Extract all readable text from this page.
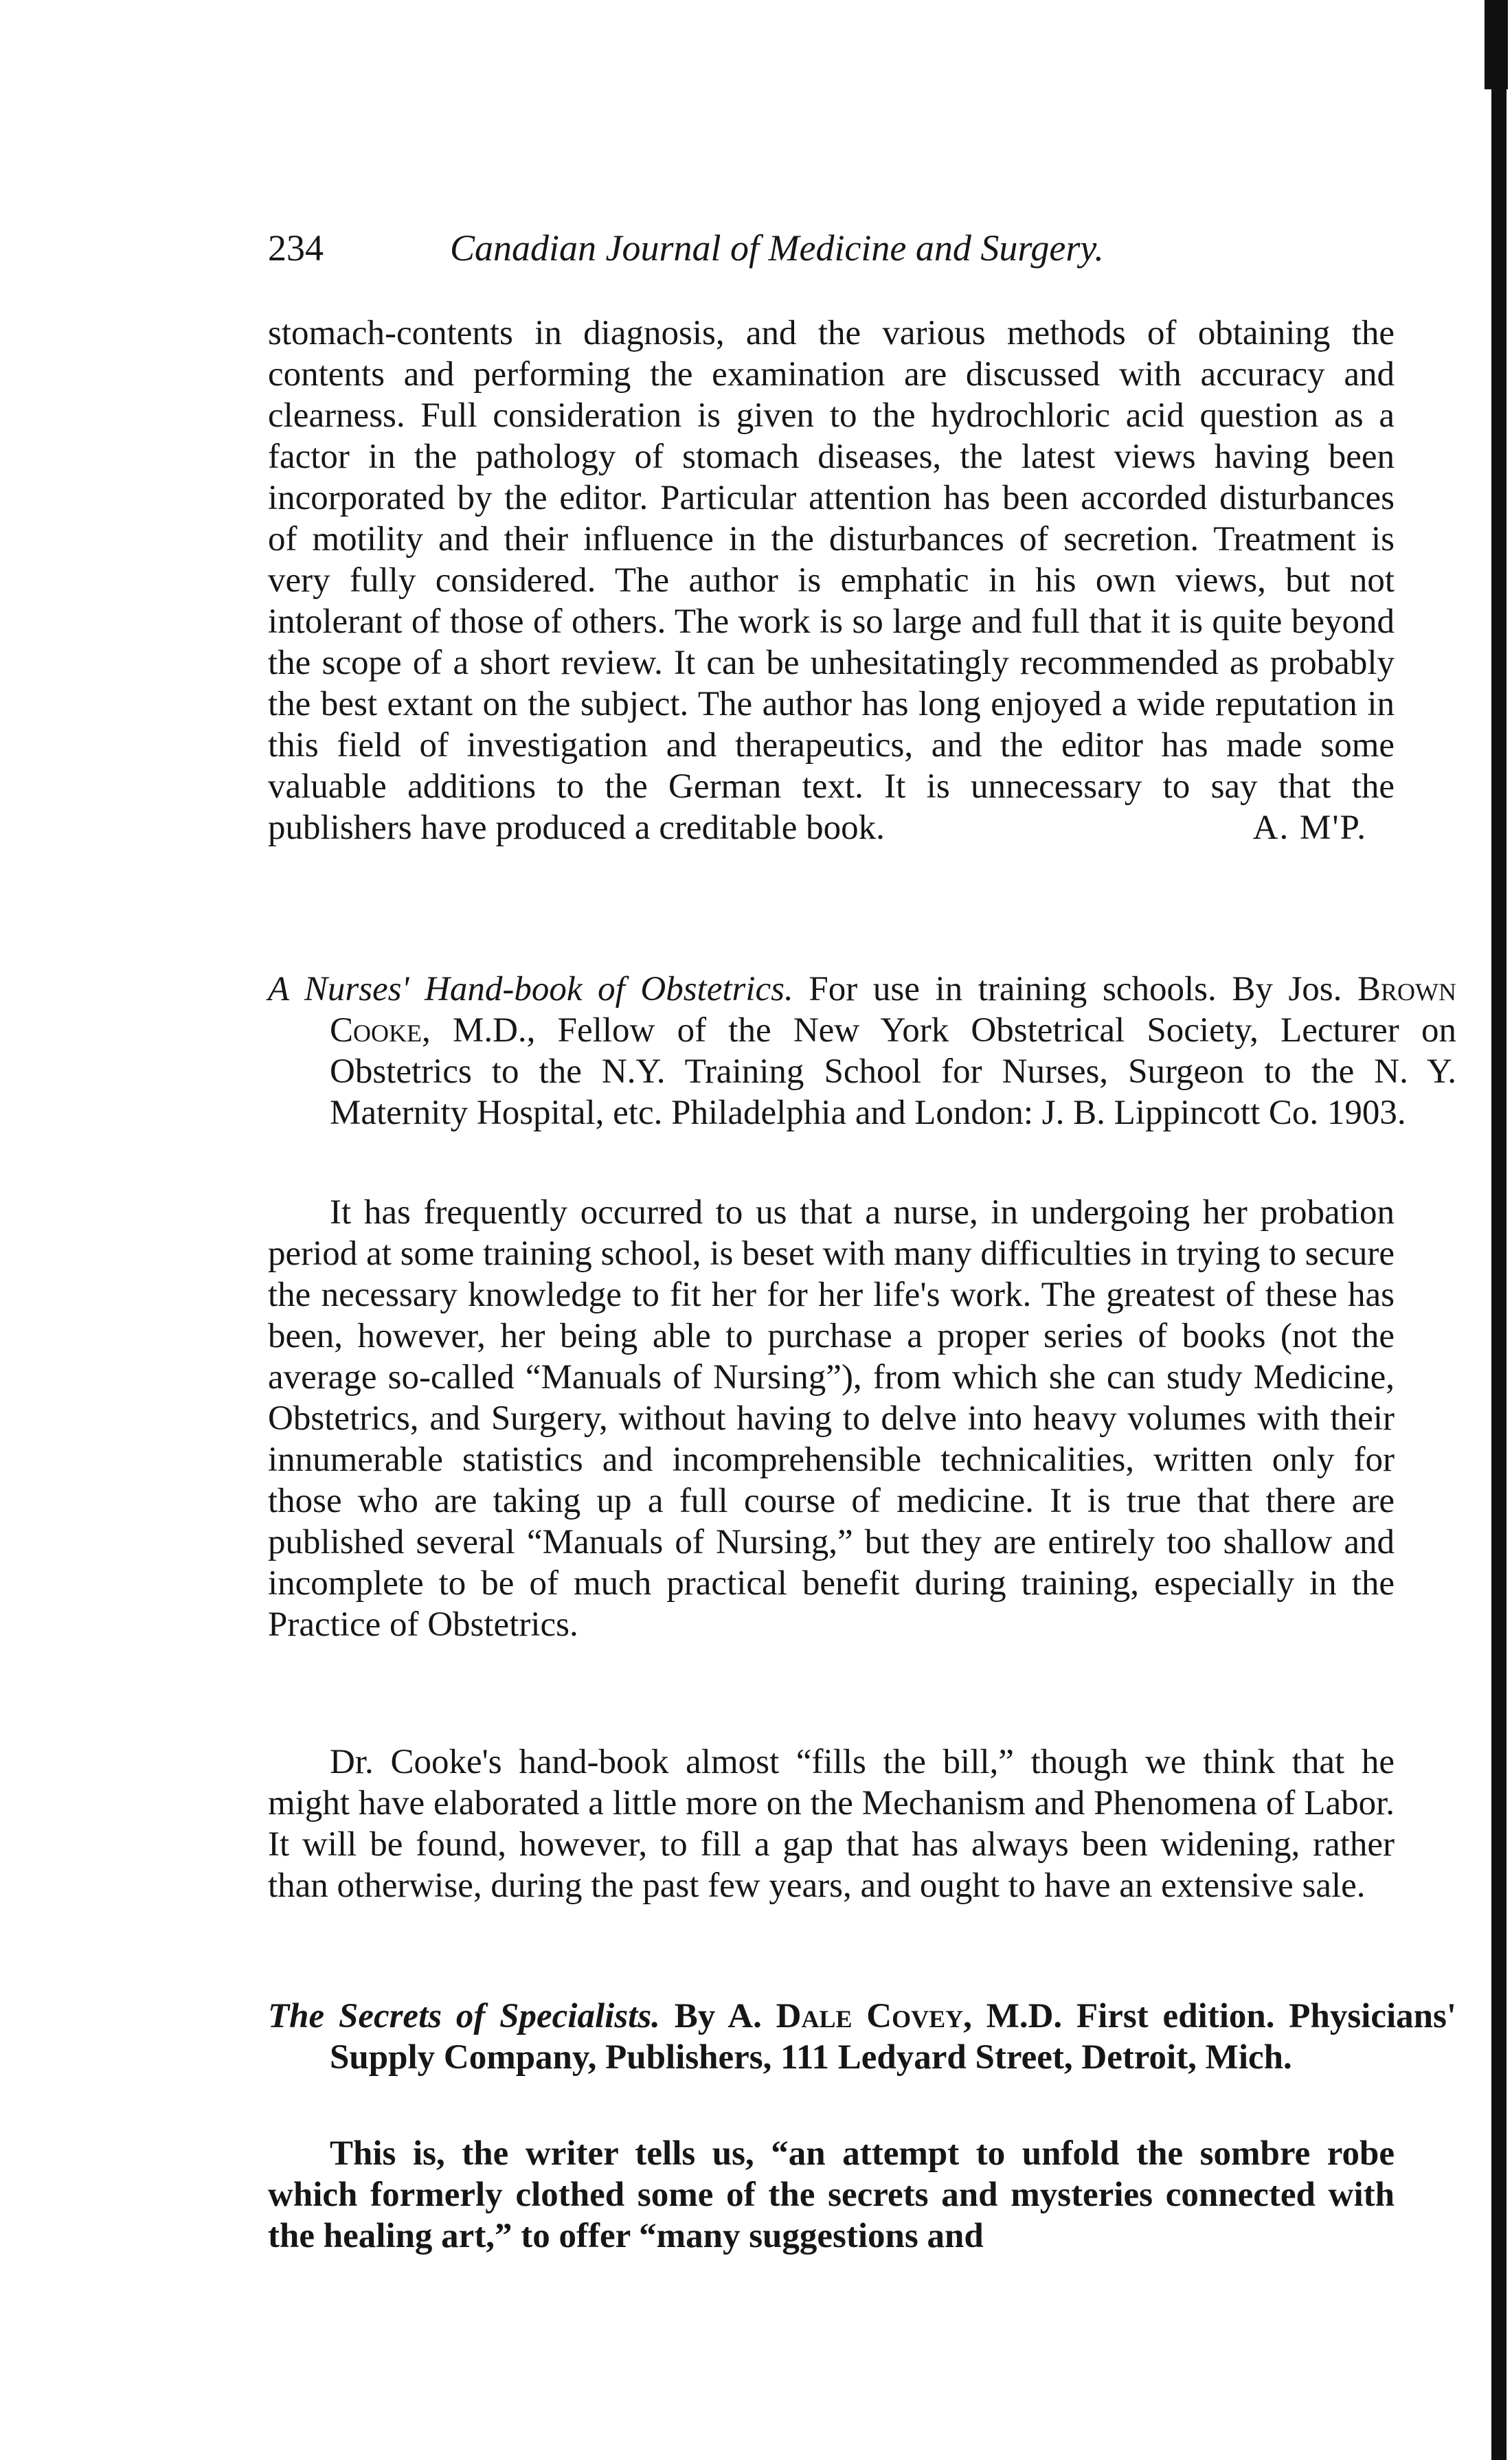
234	Canadian Journal of Medicine and Surgery.

stomach-contents in diagnosis, and the various methods of obtaining the contents and performing the examination are discussed with accuracy and clearness. Full consideration is given to the hydrochloric acid question as a factor in the pathology of stomach diseases, the latest views having been incorporated by the editor. Particular attention has been accorded disturbances of motility and their influence in the disturbances of secretion. Treatment is very fully considered. The author is emphatic in his own views, but not intolerant of those of others. The work is so large and full that it is quite beyond the scope of a short review. It can be unhesitatingly recommended as probably the best extant on the subject. The author has long enjoyed a wide reputation in this field of investigation and therapeutics, and the editor has made some valuable additions to the German text. It is unnecessary to say that the publishers have produced a creditable book.	A. M'P.

A Nurses' Hand-book of Obstetrics. For use in training schools. By Jos. Brown Cooke, M.D., Fellow of the New York Obstetrical Society, Lecturer on Obstetrics to the N.Y. Training School for Nurses, Surgeon to the N. Y. Maternity Hospital, etc. Philadelphia and London: J. B. Lippincott Co. 1903.

It has frequently occurred to us that a nurse, in undergoing her probation period at some training school, is beset with many difficulties in trying to secure the necessary knowledge to fit her for her life's work. The greatest of these has been, however, her being able to purchase a proper series of books (not the average so-called “Manuals of Nursing”), from which she can study Medicine, Obstetrics, and Surgery, without having to delve into heavy volumes with their innumerable statistics and incomprehensible technicalities, written only for those who are taking up a full course of medicine. It is true that there are published several “Manuals of Nursing,” but they are entirely too shallow and incomplete to be of much practical benefit during training, especially in the Practice of Obstetrics.

Dr. Cooke's hand-book almost “fills the bill,” though we think that he might have elaborated a little more on the Mechanism and Phenomena of Labor. It will be found, however, to fill a gap that has always been widening, rather than otherwise, during the past few years, and ought to have an extensive sale.

The Secrets of Specialists. By A. Dale Covey, M.D. First edition. Physicians' Supply Company, Publishers, 111 Ledyard Street, Detroit, Mich.

This is, the writer tells us, “an attempt to unfold the sombre robe which formerly clothed some of the secrets and mysteries connected with the healing art,” to offer “many suggestions and
